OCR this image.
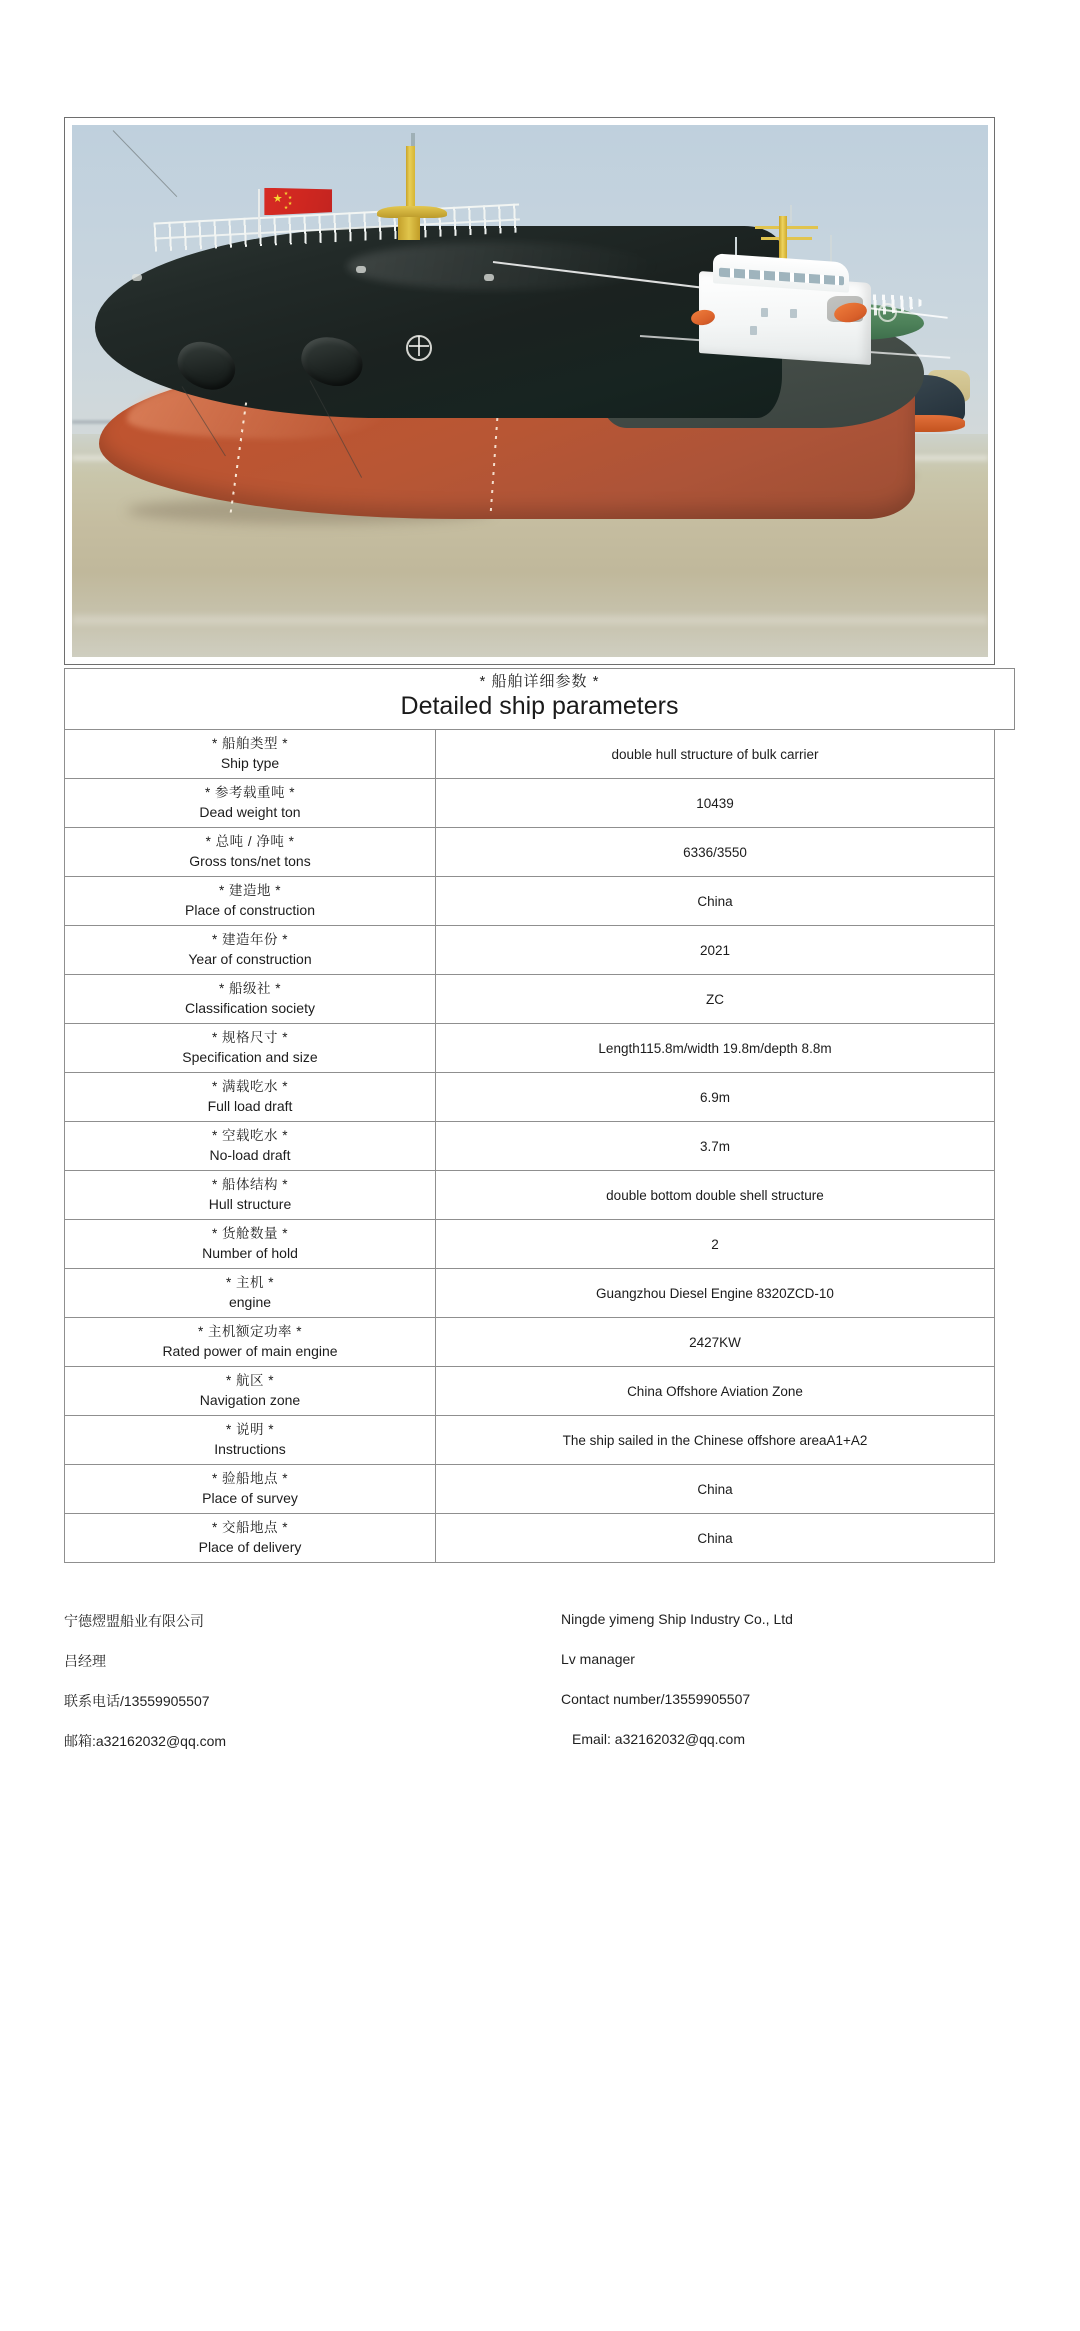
* 船舶详细参数 *
Detailed ship parameters
* 船舶类型 *
Ship type	double hull structure of bulk carrier

* 参考载重吨 *
Dead weight ton	10439

* 总吨 / 净吨 *
Gross tons/net tons	6336/3550

* 建造地 *
Place of construction	China

* 建造年份 *
Year of construction	2021

* 船级社 *
Classification society	ZC

* 规格尺寸 *
Specification and size	Length115.8m/width 19.8m/depth 8.8m

* 满载吃水 *
Full load draft	6.9m

* 空载吃水 *
No-load draft	3.7m

* 船体结构 *
Hull structure	double bottom double shell structure

* 货舱数量 *
Number of hold	2

* 主机 *
engine	Guangzhou Diesel Engine 8320ZCD-10

* 主机额定功率 *
Rated power of main engine	2427KW

* 航区 *
Navigation zone	China Offshore Aviation Zone

* 说明 *
Instructions	The ship sailed in the Chinese offshore areaA1+A2

* 验船地点 *
Place of survey	China

* 交船地点 *
Place of delivery	China
宁德熤盟船业有限公司	Ningde yimeng Ship Industry Co., Ltd
吕经理	Lv manager
联系电话/13559905507	Contact number/13559905507
邮箱:a32162032@qq.com	Email: a32162032@qq.com
